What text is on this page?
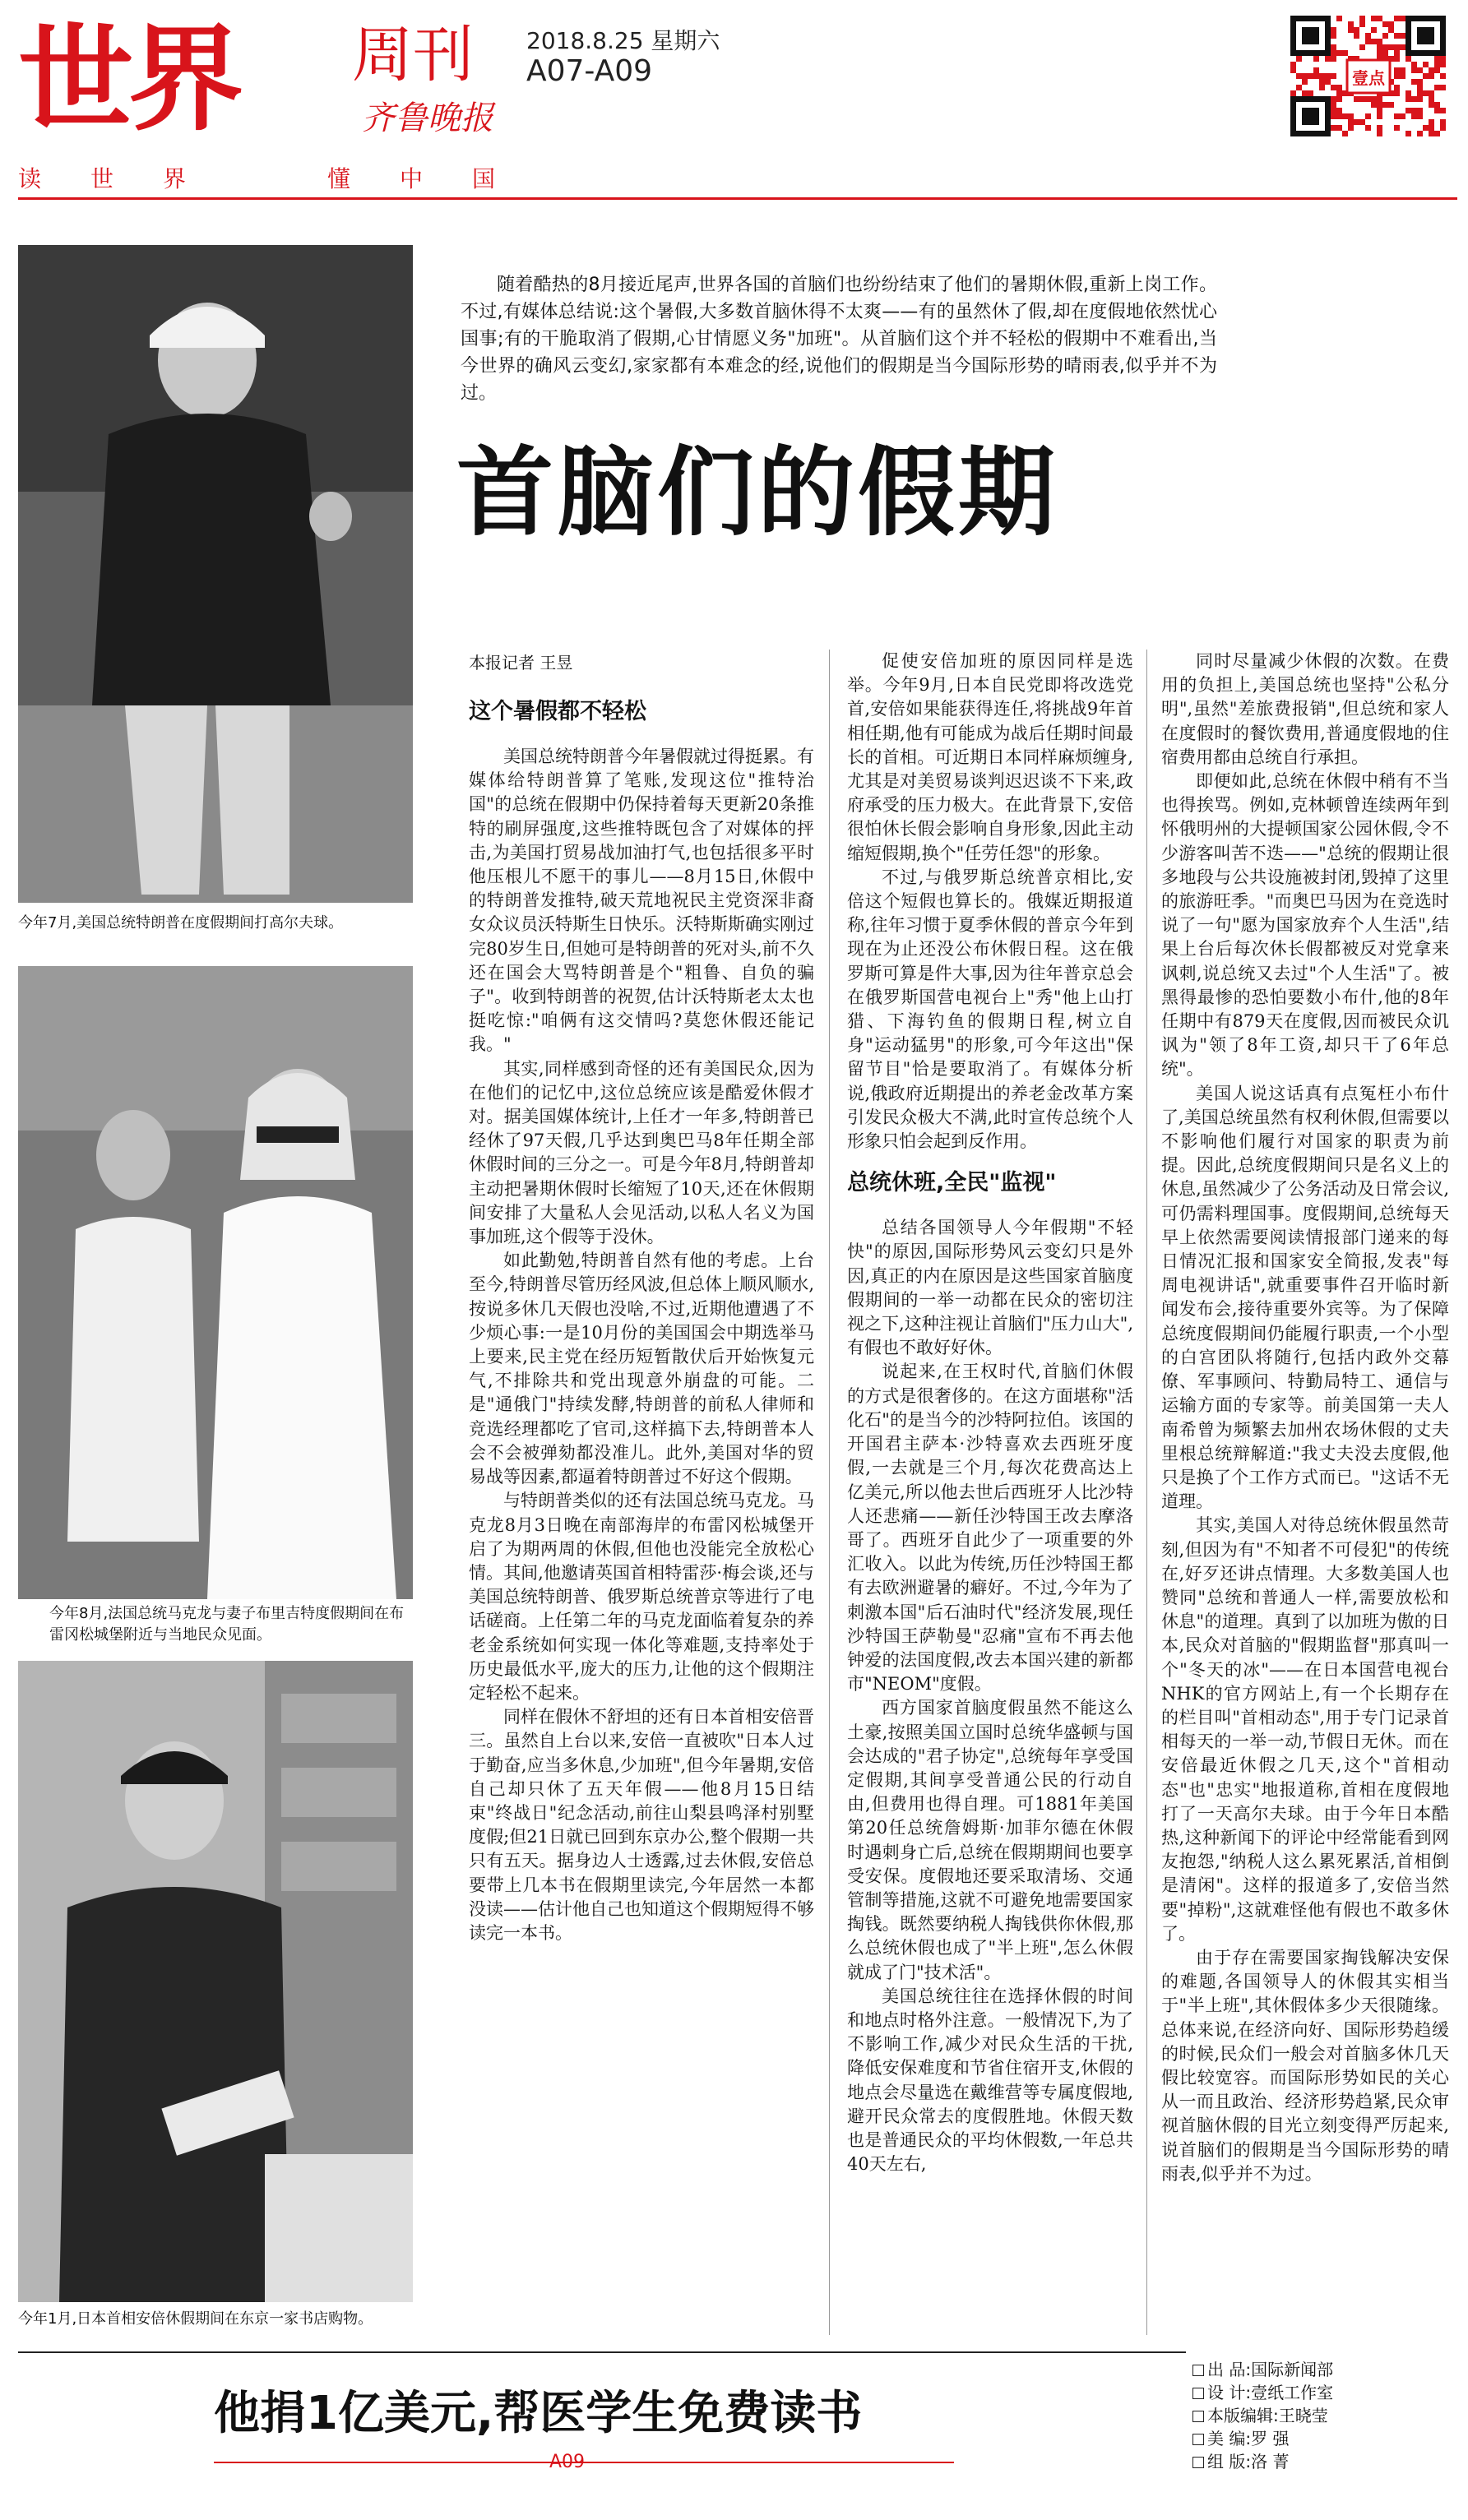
世界 周刊
齐鲁晚报
2018.8.25 星期六
A07-A09	壹点
读 世 界	懂 中 国
今年7月,美国总统特朗普在度假期间打高尔夫球。
今年8月,法国总统马克龙与妻子布里吉特度假期间在布雷冈松城堡附近与当地民众见面。
今年1月,日本首相安倍休假期间在东京一家书店购物。
随着酷热的8月接近尾声,世界各国的首脑们也纷纷结束了他们的暑期休假,重新上岗工作。不过,有媒体总结说:这个暑假,大多数首脑休得不太爽——有的虽然休了假,却在度假地依然忧心国事;有的干脆取消了假期,心甘情愿义务"加班"。从首脑们这个并不轻松的假期中不难看出,当今世界的确风云变幻,家家都有本难念的经,说他们的假期是当今国际形势的晴雨表,似乎并不为过。
首脑们的假期
本报记者 王昱
这个暑假都不轻松

美国总统特朗普今年暑假就过得挺累。有媒体给特朗普算了笔账,发现这位"推特治国"的总统在假期中仍保持着每天更新20条推特的刷屏强度,这些推特既包含了对媒体的抨击,为美国打贸易战加油打气,也包括很多平时他压根儿不愿干的事儿——8月15日,休假中的特朗普发推特,破天荒地祝民主党资深非裔女众议员沃特斯生日快乐。沃特斯斯确实刚过完80岁生日,但她可是特朗普的死对头,前不久还在国会大骂特朗普是个"粗鲁、自负的骗子"。收到特朗普的祝贺,估计沃特斯老太太也挺吃惊:"咱俩有这交情吗?莫您休假还能记我。"

其实,同样感到奇怪的还有美国民众,因为在他们的记忆中,这位总统应该是酷爱休假才对。据美国媒体统计,上任才一年多,特朗普已经休了97天假,几乎达到奥巴马8年任期全部休假时间的三分之一。可是今年8月,特朗普却主动把暑期休假时长缩短了10天,还在休假期间安排了大量私人会见活动,以私人名义为国事加班,这个假等于没休。

如此勤勉,特朗普自然有他的考虑。上台至今,特朗普尽管历经风波,但总体上顺风顺水,按说多休几天假也没啥,不过,近期他遭遇了不少烦心事:一是10月份的美国国会中期选举马上要来,民主党在经历短暂散伏后开始恢复元气,不排除共和党出现意外崩盘的可能。二是"通俄门"持续发酵,特朗普的前私人律师和竞选经理都吃了官司,这样搞下去,特朗普本人会不会被弹劾都没准儿。此外,美国对华的贸易战等因素,都逼着特朗普过不好这个假期。

与特朗普类似的还有法国总统马克龙。马克龙8月3日晚在南部海岸的布雷冈松城堡开启了为期两周的休假,但他也没能完全放松心情。其间,他邀请英国首相特雷莎·梅会谈,还与美国总统特朗普、俄罗斯总统普京等进行了电话磋商。上任第二年的马克龙面临着复杂的养老金系统如何实现一体化等难题,支持率处于历史最低水平,庞大的压力,让他的这个假期注定轻松不起来。

同样在假休不舒坦的还有日本首相安倍晋三。虽然自上台以来,安倍一直被吹"日本人过于勤奋,应当多休息,少加班",但今年暑期,安倍自己却只休了五天年假——他8月15日结束"终战日"纪念活动,前往山梨县鸣泽村别墅度假;但21日就已回到东京办公,整个假期一共只有五天。据身边人士透露,过去休假,安倍总要带上几本书在假期里读完,今年居然一本都没读——估计他自己也知道这个假期短得不够读完一本书。

促使安倍加班的原因同样是选举。今年9月,日本自民党即将改选党首,安倍如果能获得连任,将挑战9年首相任期,他有可能成为战后任期时间最长的首相。可近期日本同样麻烦缠身,尤其是对美贸易谈判迟迟谈不下来,政府承受的压力极大。在此背景下,安倍很怕休长假会影响自身形象,因此主动缩短假期,换个"任劳任怨"的形象。

不过,与俄罗斯总统普京相比,安倍这个短假也算长的。俄媒近期报道称,往年习惯于夏季休假的普京今年到现在为止还没公布休假日程。这在俄罗斯可算是件大事,因为往年普京总会在俄罗斯国营电视台上"秀"他上山打猎、下海钓鱼的假期日程,树立自身"运动猛男"的形象,可今年这出"保留节目"恰是要取消了。有媒体分析说,俄政府近期提出的养老金改革方案引发民众极大不满,此时宣传总统个人形象只怕会起到反作用。

总统休班,全民"监视"

总结各国领导人今年假期"不轻快"的原因,国际形势风云变幻只是外因,真正的内在原因是这些国家首脑度假期间的一举一动都在民众的密切注视之下,这种注视让首脑们"压力山大",有假也不敢好好休。

说起来,在王权时代,首脑们休假的方式是很奢侈的。在这方面堪称"活化石"的是当今的沙特阿拉伯。该国的开国君主萨本·沙特喜欢去西班牙度假,一去就是三个月,每次花费高达上亿美元,所以他去世后西班牙人比沙特人还悲痛——新任沙特国王改去摩洛哥了。西班牙自此少了一项重要的外汇收入。以此为传统,历任沙特国王都有去欧洲避暑的癖好。不过,今年为了刺激本国"后石油时代"经济发展,现任沙特国王萨勒曼"忍痛"宣布不再去他钟爱的法国度假,改去本国兴建的新都市"NEOM"度假。

西方国家首脑度假虽然不能这么土豪,按照美国立国时总统华盛顿与国会达成的"君子协定",总统每年享受国定假期,其间享受普通公民的行动自由,但费用也得自理。可1881年美国第20任总统詹姆斯·加菲尔德在休假时遇刺身亡后,总统在假期期间也要享受安保。度假地还要采取清场、交通管制等措施,这就不可避免地需要国家掏钱。既然要纳税人掏钱供你休假,那么总统休假也成了"半上班",怎么休假就成了门"技术活"。

美国总统往往在选择休假的时间和地点时格外注意。一般情况下,为了不影响工作,减少对民众生活的干扰,降低安保难度和节省住宿开支,休假的地点会尽量选在戴维营等专属度假地,避开民众常去的度假胜地。休假天数也是普通民众的平均休假数,一年总共40天左右,

同时尽量减少休假的次数。在费用的负担上,美国总统也坚持"公私分明",虽然"差旅费报销",但总统和家人在度假时的餐饮费用,普通度假地的住宿费用都由总统自行承担。

即便如此,总统在休假中稍有不当也得挨骂。例如,克林顿曾连续两年到怀俄明州的大提顿国家公园休假,令不少游客叫苦不迭——"总统的假期让很多地段与公共设施被封闭,毁掉了这里的旅游旺季。"而奥巴马因为在竞选时说了一句"愿为国家放弃个人生活",结果上台后每次休长假都被反对党拿来讽刺,说总统又去过"个人生活"了。被黑得最惨的恐怕要数小布什,他的8年任期中有879天在度假,因而被民众讥讽为"领了8年工资,却只干了6年总统"。

美国人说这话真有点冤枉小布什了,美国总统虽然有权利休假,但需要以不影响他们履行对国家的职责为前提。因此,总统度假期间只是名义上的休息,虽然减少了公务活动及日常会议,可仍需料理国事。度假期间,总统每天早上依然需要阅读情报部门递来的每日情况汇报和国家安全简报,发表"每周电视讲话",就重要事件召开临时新闻发布会,接待重要外宾等。为了保障总统度假期间仍能履行职责,一个小型的白宫团队将随行,包括内政外交幕僚、军事顾问、特勤局特工、通信与运输方面的专家等。前美国第一夫人南希曾为频繁去加州农场休假的丈夫里根总统辩解道:"我丈夫没去度假,他只是换了个工作方式而已。"这话不无道理。

其实,美国人对待总统休假虽然苛刻,但因为有"不知者不可侵犯"的传统在,好歹还讲点情理。大多数美国人也赞同"总统和普通人一样,需要放松和休息"的道理。真到了以加班为傲的日本,民众对首脑的"假期监督"那真叫一个"冬天的冰"——在日本国营电视台NHK的官方网站上,有一个长期存在的栏目叫"首相动态",用于专门记录首相每天的一举一动,节假日无休。而在安倍最近休假之几天,这个"首相动态"也"忠实"地报道称,首相在度假地打了一天高尔夫球。由于今年日本酷热,这种新闻下的评论中经常能看到网友抱怨,"纳税人这么累死累活,首相倒是清闲"。这样的报道多了,安倍当然要"掉粉",这就难怪他有假也不敢多休了。

由于存在需要国家掏钱解决安保的难题,各国领导人的休假其实相当于"半上班",其休假体多少天很随缘。总体来说,在经济向好、国际形势趋缓的时候,民众们一般会对首脑多休几天假比较宽容。而国际形势如民的关心从一而且政治、经济形势趋紧,民众审视首脑休假的目光立刻变得严厉起来,说首脑们的假期是当今国际形势的晴雨表,似乎并不为过。

他捐1亿美元,帮医学生免费读书
A09
出 品:国际新闻部
设 计:壹纸工作室
本版编辑:王晓莹
美 编:罗 强
组 版:洛 菁
